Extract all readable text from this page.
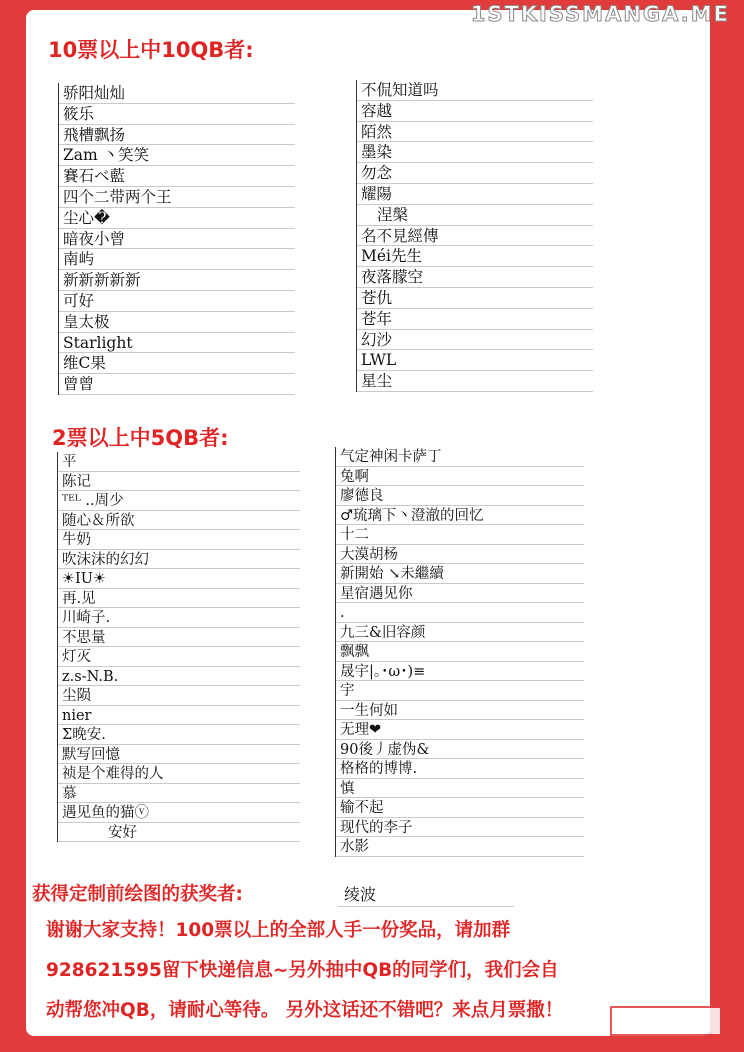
1STKISSMANGA.ME
10票以上中10QB者:
骄阳灿灿
筱乐
飛槽飘扬
Zam 丶笑笑
賽石ベ藍
四个二带两个王
尘心�
暗夜小曾
南屿
新新新新新
可好
皇太极
Starlight
维C果
曾曾
不侃知道吗
容越
陌然
墨染
勿念
耀陽
涅槃
名不見經傳
Méi先生
夜落朦空
苍仇
苍年
幻沙
LWL
星尘
2票以上中5QB者:
平
陈记
ᵀᴱᴸ ..周少
随心＆所欲
牛奶
吹沫沫的幻幻
☀IU☀
再.见
川崎子.
不思量
灯灭
z.s-N.B.
尘陨
nier
Σ晚安.
默写回憶
祯是个难得的人
慕
遇见鱼的猫ⓥ
安好
气定神闲卡萨丁
兔啊
廖德良
♂琉璃下丶澄澈的回忆
十二
大漠胡杨
新開始 ↘未繼續
星宿遇见你
.
九三&旧容颜
飘飘
晟宇|｡･ω･)≡
宇
一生何如
无理❤
90後丿虚伪&
格格的博博.
慎
输不起
现代的李子
水影
获得定制前绘图的获奖者:	绫波
谢谢大家支持！100票以上的全部人手一份奖品，请加群
928621595留下快递信息~另外抽中QB的同学们，我们会自
动帮您冲QB，请耐心等待。 另外这话还不错吧？来点月票撒！
